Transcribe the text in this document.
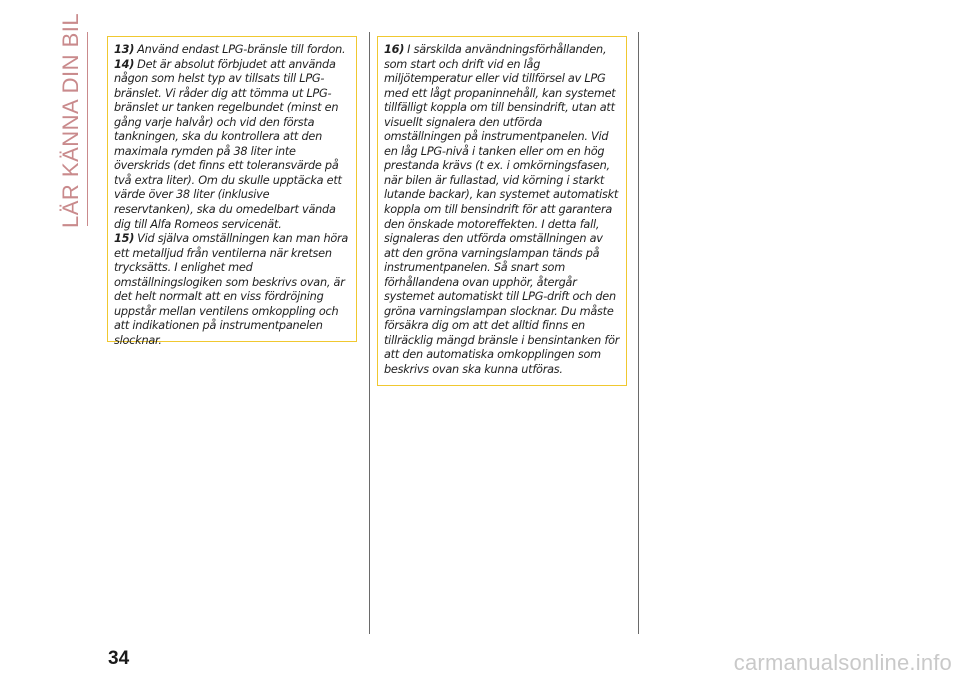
LÄR KÄNNA DIN BIL	13) Använd endast LPG-bränsle till fordon.

14) Det är absolut förbjudet att använda någon som helst typ av tillsats till LPG-bränslet. Vi råder dig att tömma ut LPG-bränslet ur tanken regelbundet (minst en gång varje halvår) och vid den första tankningen, ska du kontrollera att den maximala rymden på 38 liter inte överskrids (det finns ett toleransvärde på två extra liter). Om du skulle upptäcka ett värde över 38 liter (inklusive reservtanken), ska du omedelbart vända dig till Alfa Romeos servicenät.

15) Vid själva omställningen kan man höra ett metalljud från ventilerna när kretsen trycksätts. I enlighet med omställningslogiken som beskrivs ovan, är det helt normalt att en viss fördröjning uppstår mellan ventilens omkoppling och att indikationen på instrumentpanelen slocknar.

16) I särskilda användningsförhållanden, som start och drift vid en låg miljötemperatur eller vid tillförsel av LPG med ett lågt propaninnehåll, kan systemet tillfälligt koppla om till bensindrift, utan att visuellt signalera den utförda omställningen på instrumentpanelen. Vid en låg LPG-nivå i tanken eller om en hög prestanda krävs (t ex. i omkörningsfasen, när bilen är fullastad, vid körning i starkt lutande backar), kan systemet automatiskt koppla om till bensindrift för att garantera den önskade motoreffekten. I detta fall, signaleras den utförda omställningen av att den gröna varningslampan tänds på instrumentpanelen. Så snart som förhållandena ovan upphör, återgår systemet automatiskt till LPG-drift och den gröna varningslampan slocknar. Du måste försäkra dig om att det alltid finns en tillräcklig mängd bränsle i bensintanken för att den automatiska omkopplingen som beskrivs ovan ska kunna utföras.

34	carmanualsonline.info
